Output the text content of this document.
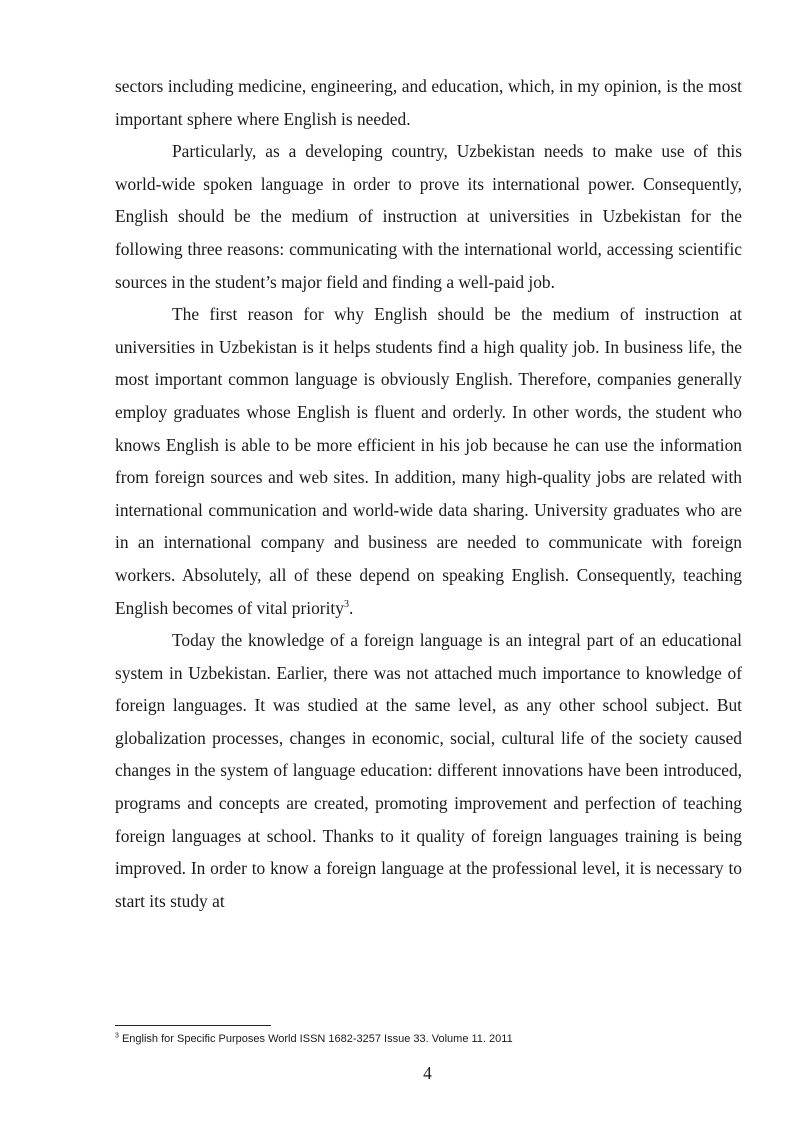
sectors including medicine, engineering, and education, which, in my opinion, is the most important sphere where English is needed.

Particularly, as a developing country, Uzbekistan needs to make use of this world-wide spoken language in order to prove its international power. Consequently, English should be the medium of instruction at universities in Uzbekistan for the following three reasons: communicating with the international world, accessing scientific sources in the student’s major field and finding a well-paid job.

The first reason for why English should be the medium of instruction at universities in Uzbekistan is it helps students find a high quality job. In business life, the most important common language is obviously English. Therefore, companies generally employ graduates whose English is fluent and orderly. In other words, the student who knows English is able to be more efficient in his job because he can use the information from foreign sources and web sites. In addition, many high-quality jobs are related with international communication and world-wide data sharing. University graduates who are in an international company and business are needed to communicate with foreign workers. Absolutely, all of these depend on speaking English. Consequently, teaching English becomes of vital priority$^3$.

Today the knowledge of a foreign language is an integral part of an educational system in Uzbekistan. Earlier, there was not attached much importance to knowledge of foreign languages. It was studied at the same level, as any other school subject. But globalization processes, changes in economic, social, cultural life of the society caused changes in the system of language education: different innovations have been introduced, programs and concepts are created, promoting improvement and perfection of teaching foreign languages at school. Thanks to it quality of foreign languages training is being improved. In order to know a foreign language at the professional level, it is necessary to start its study at

$^3$ English for Specific Purposes World ISSN 1682-3257 Issue 33. Volume 11. 2011

4
